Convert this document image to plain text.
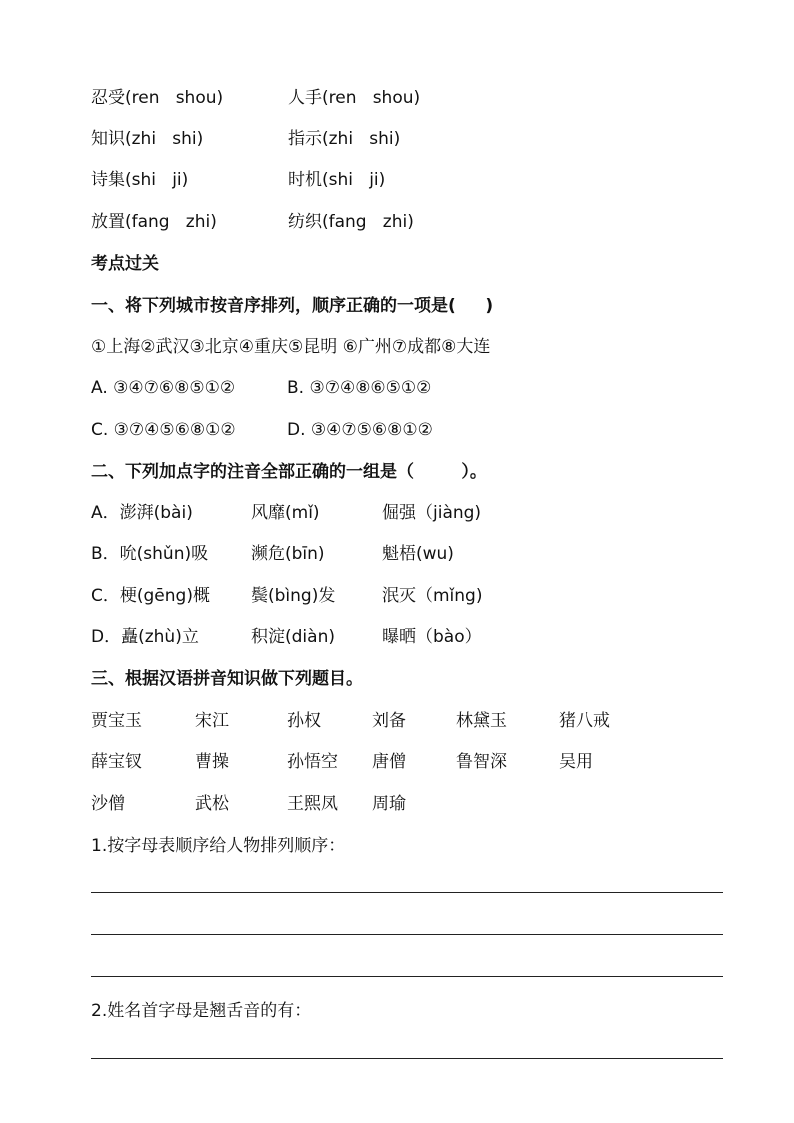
忍受(ren   shou)	人手(ren   shou)
知识(zhi   shi)	指示(zhi   shi)
诗集(shi   ji)	时机(shi   ji)
放置(fang   zhi)	纺织(fang   zhi)
考点过关
一、将下列城市按音序排列，顺序正确的一项是(     )
①上海②武汉③北京④重庆⑤昆明 ⑥广州⑦成都⑧大连
A. ③④⑦⑥⑧⑤①②	B. ③⑦④⑧⑥⑤①②
C. ③⑦④⑤⑥⑧①②	D. ③④⑦⑤⑥⑧①②
二、下列加点字的注音全部正确的一组是（        ）。
A．澎湃(bài)	风靡(mǐ)	倔强（jiàng)
B．吮(shǔn)吸	濒危(bīn)	魁梧(wu)
C．梗(gēng)概 鬓(bìng)发	泯灭（mǐng)
D．矗(zhù)立	积淀(diàn)	曝晒（bào）
三、根据汉语拼音知识做下列题目。
贾宝玉	宋江	孙权	刘备	林黛玉	猪八戒
薛宝钗	曹操	孙悟空 唐僧	鲁智深	吴用
沙僧	武松	王熙凤 周瑜
1.按字母表顺序给人物排列顺序：
2.姓名首字母是翘舌音的有：
